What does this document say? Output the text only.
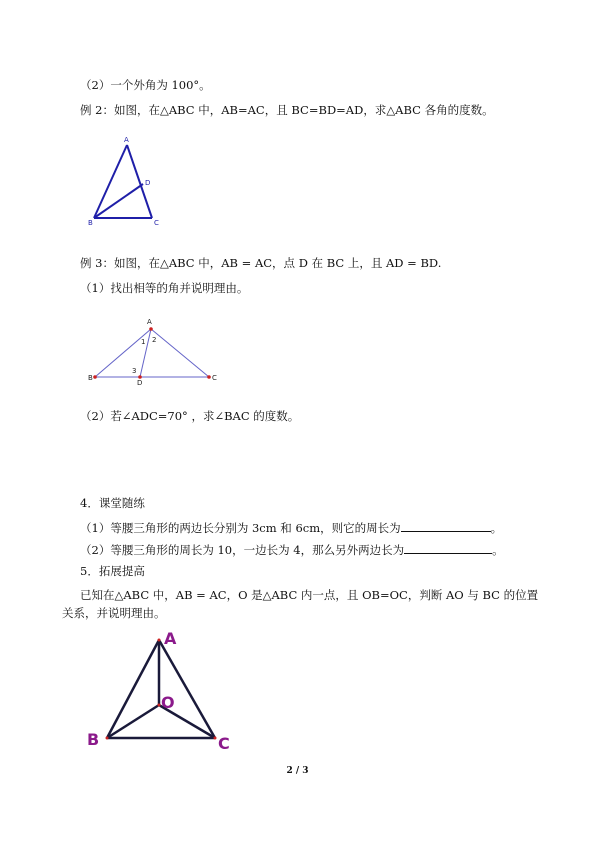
（2）一个外角为 100°。
例 2：如图，在△ABC 中，AB=AC，且 BC=BD=AD，求△ABC 各角的度数。
A
D
B	C
例 3：如图，在△ABC 中，AB = AC，点 D 在 BC 上，且 AD = BD.
（1）找出相等的角并说明理由。
A
1 2
3
B	C
D
（2）若∠ADC=70° ，求∠BAC 的度数。
4．课堂随练
（1）等腰三角形的两边长分别为 3cm 和 6cm，则它的周长为	。
（2）等腰三角形的周长为 10，一边长为 4，那么另外两边长为	。
5．拓展提高
已知在△ABC 中，AB = AC，O 是△ABC 内一点，且 OB=OC，判断 AO 与 BC 的位置
关系，并说明理由。
A
O
B	C
2 / 3
